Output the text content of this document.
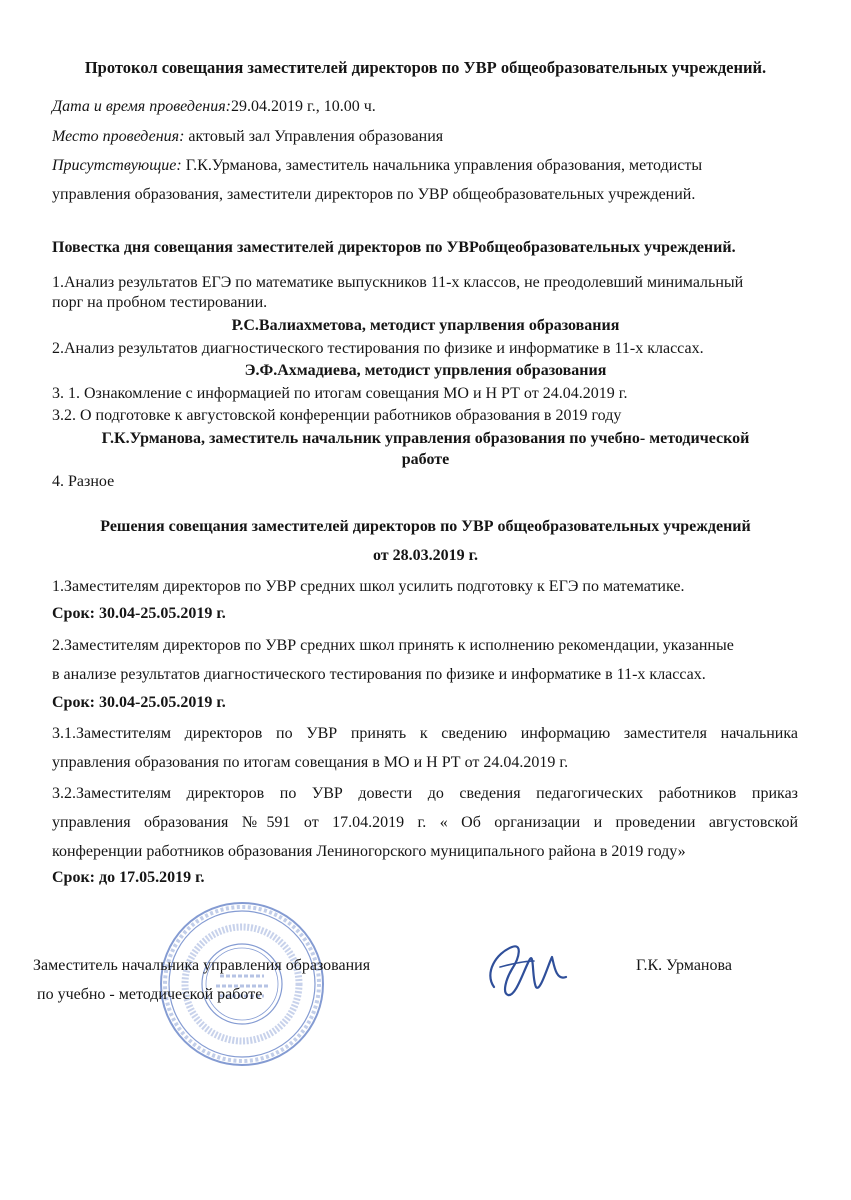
Протокол совещания заместителей директоров по УВР общеобразовательных учреждений.
Дата и время проведения:29.04.2019 г., 10.00 ч.
Место проведения: актовый зал Управления образования
Присутствующие: Г.К.Урманова, заместитель начальника управления образования, методисты
управления образования, заместители директоров по УВР общеобразовательных учреждений.
Повестка дня совещания заместителей директоров по УВРобщеобразовательных учреждений.
1.Анализ результатов ЕГЭ по математике выпускников 11-х классов, не преодолевший минимальный
порг на пробном тестировании.
Р.С.Валиахметова, методист упарлвения образования
2.Анализ результатов диагностического тестирования по физике и информатике в 11-х классах.
Э.Ф.Ахмадиева, методист упрвления образования
3. 1. Ознакомление с информацией по итогам совещания МО и Н РТ от 24.04.2019 г.
3.2. О подготовке к августовской конференции работников образования в 2019 году
Г.К.Урманова, заместитель начальник управления образования по учебно- методической
работе
4. Разное
Решения совещания заместителей директоров по УВР общеобразовательных учреждений
от 28.03.2019 г.
1.Заместителям директоров по УВР средних школ усилить подготовку к ЕГЭ по математике.
Срок: 30.04-25.05.2019 г.
2.Заместителям директоров по УВР средних школ принять к исполнению рекомендации, указанные
в анализе результатов диагностического тестирования по физике и информатике в 11-х классах.
Срок: 30.04-25.05.2019 г.
3.1.Заместителям директоров по УВР принять к сведению информацию заместителя начальника
управления образования по итогам совещания в МО и Н РТ от 24.04.2019 г.
3.2.Заместителям директоров по УВР довести до сведения педагогических работников приказ
управления образования №591 от 17.04.2019 г. « Об организации и проведении августовской
конференции работников образования Лениногорского муниципального района в 2019 году»
Срок: до 17.05.2019 г.
Заместитель начальника управления образования
по учебно - методической работе
Г.К. Урманова
